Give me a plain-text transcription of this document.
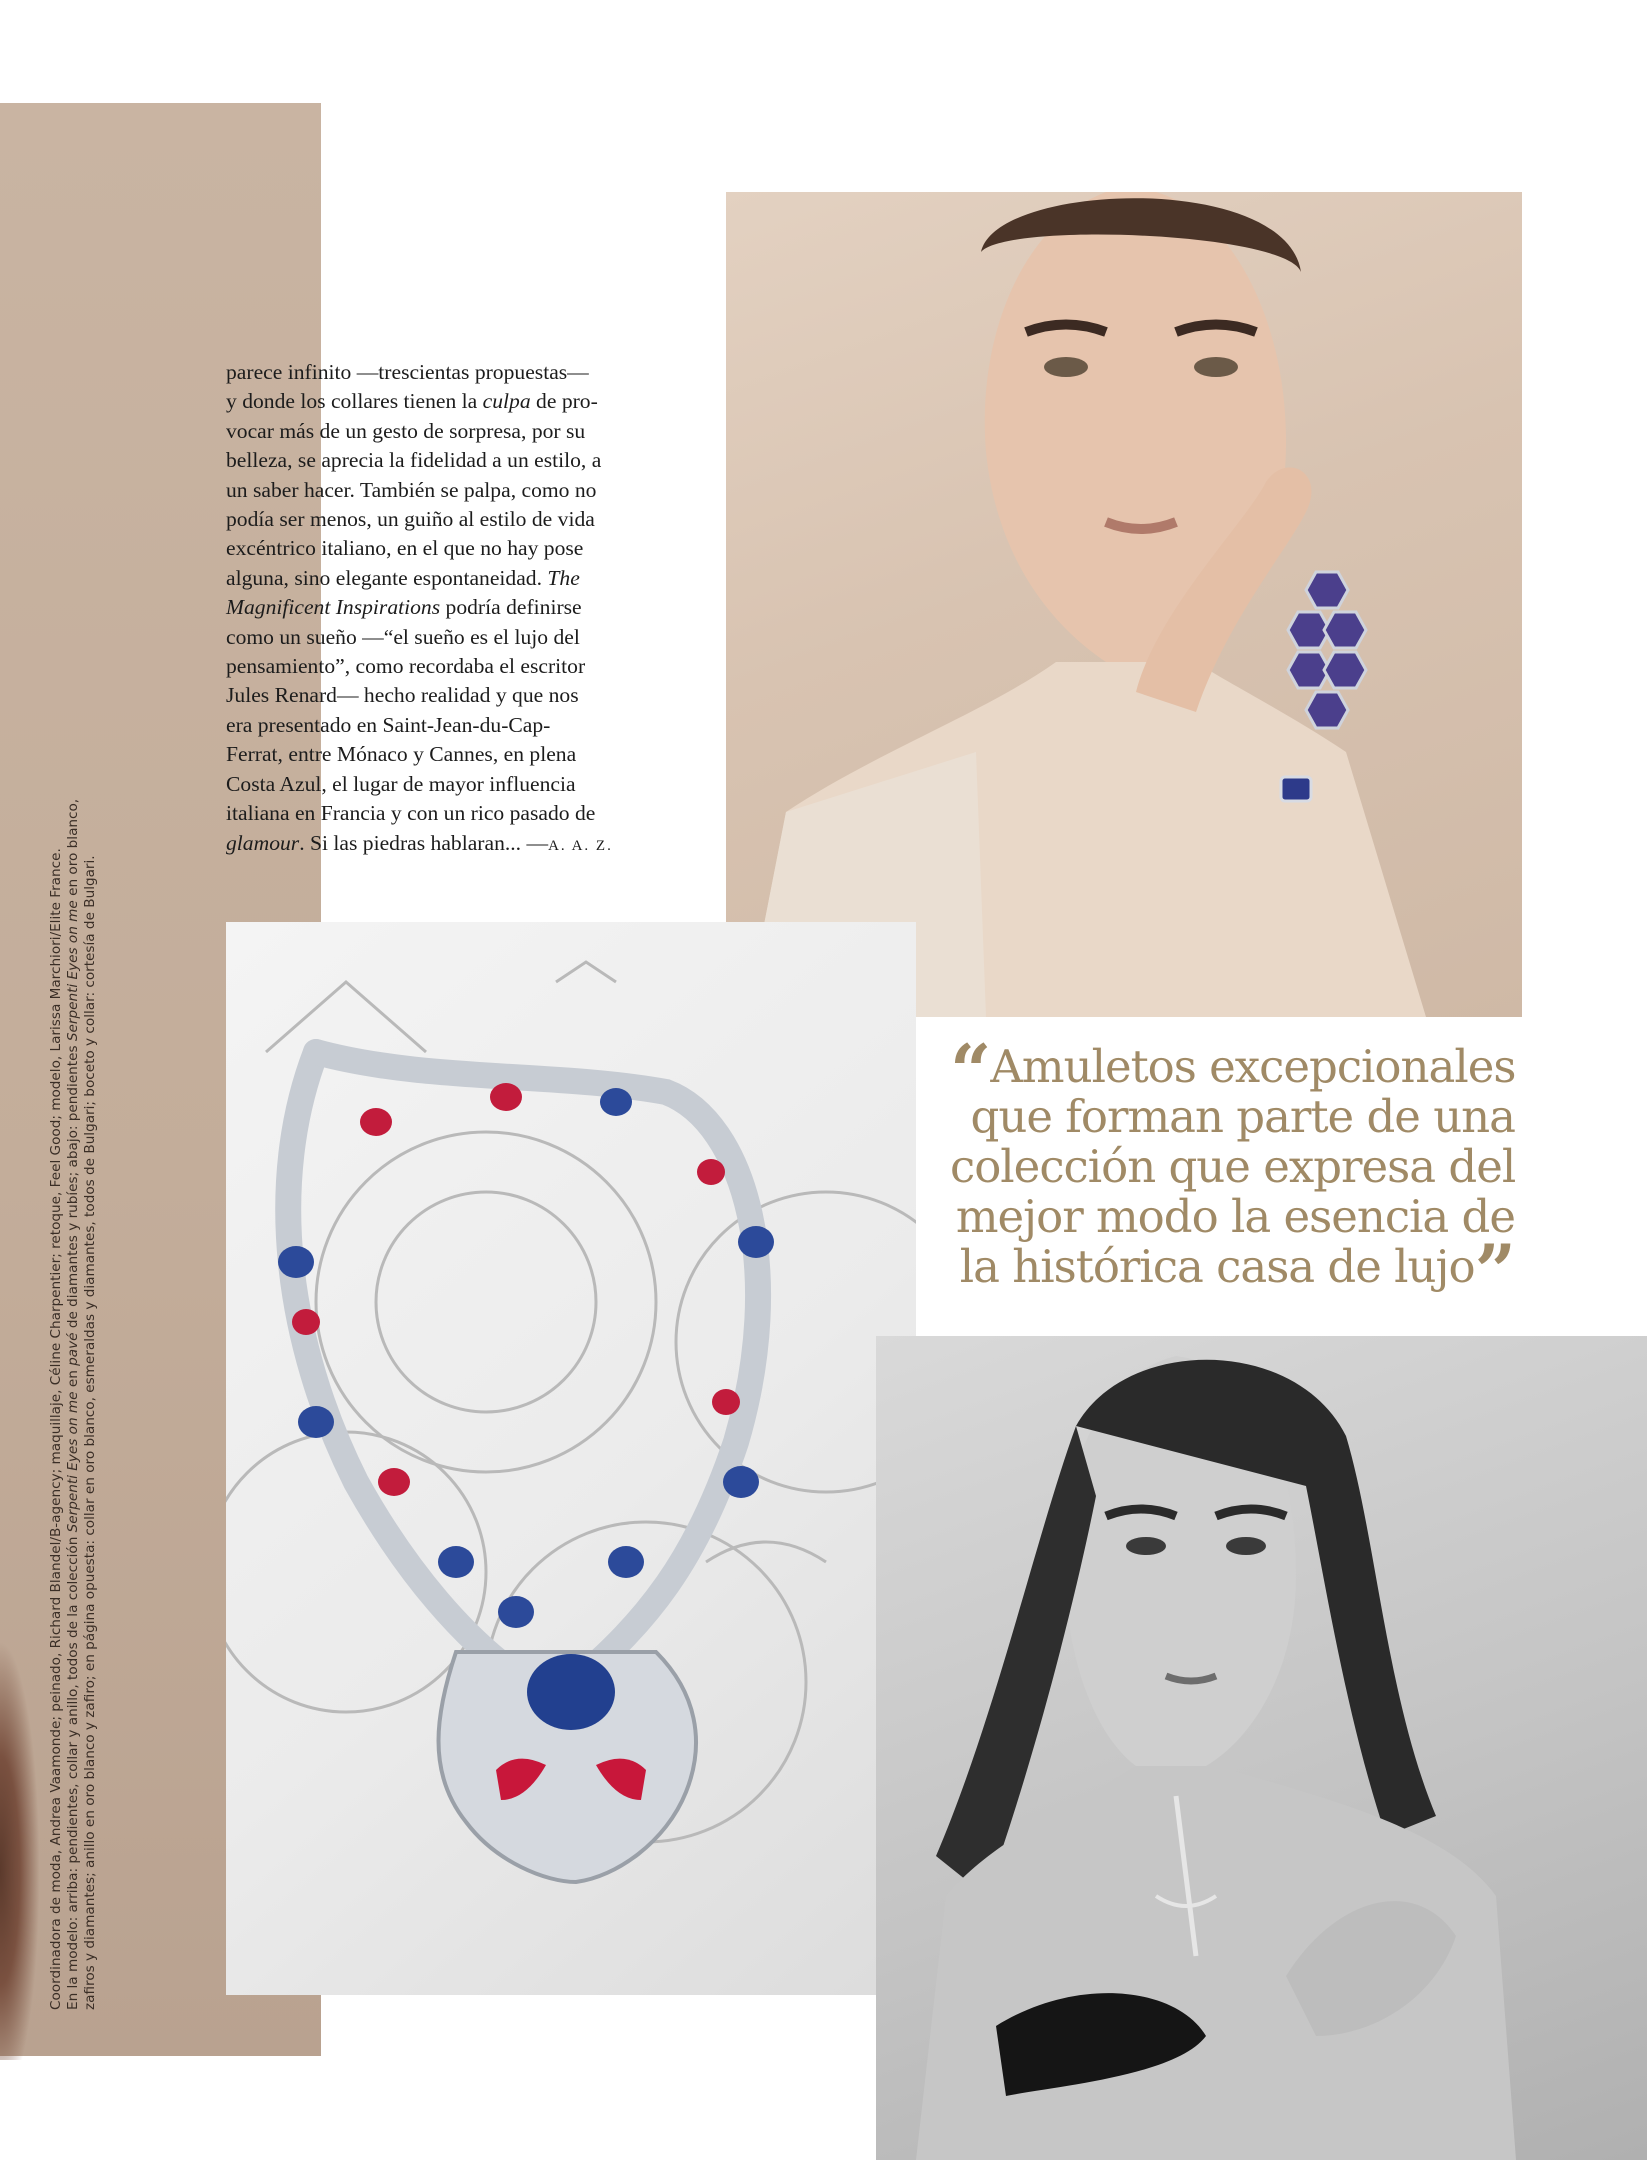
Coordinadora de moda, Andrea Vaamonde; peinado, Richard Blandel/B-agency; maquillaje, Céline Charpentier; retoque, Feel Good; modelo, Larissa Marchiori/Elite France. En la modelo: arriba: pendientes, collar y anillo, todos de la colección Serpenti Eyes on me en pavé de diamantes y rubíes; abajo: pendientes Serpenti Eyes on me en oro blanco,

zafiros y diamantes; anillo en oro blanco y zafiro; en página opuesta: collar en oro blanco, esmeraldas y diamantes, todos de Bulgari; boceto y collar: cortesía de Bulgari.

parece infinito —trescientas propuestas—
y donde los collares tienen la culpa de pro-
vocar más de un gesto de sorpresa, por su
belleza, se aprecia la fidelidad a un estilo, a
un saber hacer. También se palpa, como no
podía ser menos, un guiño al estilo de vida
excéntrico italiano, en el que no hay pose
alguna, sino elegante espontaneidad. The
Magnificent Inspirations podría definirse
como un sueño —“el sueño es el lujo del
pensamiento”, como recordaba el escritor
Jules Renard— hecho realidad y que nos
era presentado en Saint-Jean-du-Cap-
Ferrat, entre Mónaco y Cannes, en plena
Costa Azul, el lugar de mayor influencia
italiana en Francia y con un rico pasado de
glamour. Si las piedras hablaran... —A. A. Z.
“Amuletos excepcionales
que forman parte de una
colección que expresa del
mejor modo la esencia de
la histórica casa de lujo”
